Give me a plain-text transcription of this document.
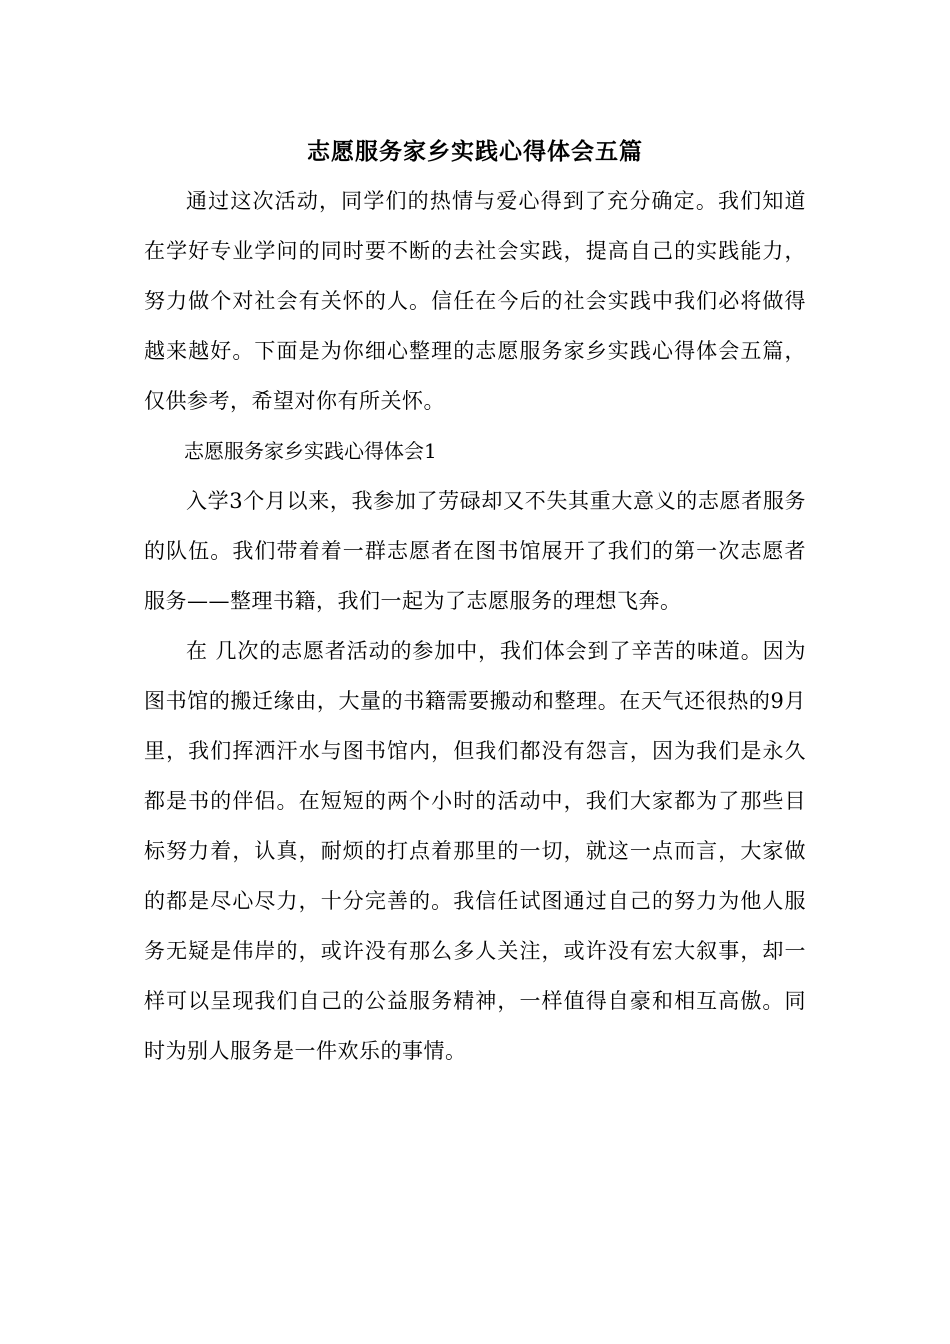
志愿服务家乡实践心得体会五篇

通过这次活动，同学们的热情与爱心得到了充分确定。我们知道在学好专业学问的同时要不断的去社会实践，提高自己的实践能力，努力做个对社会有关怀的人。信任在今后的社会实践中我们必将做得越来越好。下面是为你细心整理的志愿服务家乡实践心得体会五篇，仅供参考，希望对你有所关怀。

志愿服务家乡实践心得体会1

入学3个月以来，我参加了劳碌却又不失其重大意义的志愿者服务的队伍。我们带着着一群志愿者在图书馆展开了我们的第一次志愿者服务——整理书籍，我们一起为了志愿服务的理想飞奔。

在 几次的志愿者活动的参加中，我们体会到了辛苦的味道。因为图书馆的搬迁缘由，大量的书籍需要搬动和整理。在天气还很热的9月里，我们挥洒汗水与图书馆内，但我们都没有怨言，因为我们是永久都是书的伴侣。在短短的两个小时的活动中，我们大家都为了那些目标努力着，认真，耐烦的打点着那里的一切，就这一点而言，大家做的都是尽心尽力，十分完善的。我信任试图通过自己的努力为他人服务无疑是伟岸的，或许没有那么多人关注，或许没有宏大叙事，却一样可以呈现我们自己的公益服务精神，一样值得自豪和相互高傲。同时为别人服务是一件欢乐的事情。
